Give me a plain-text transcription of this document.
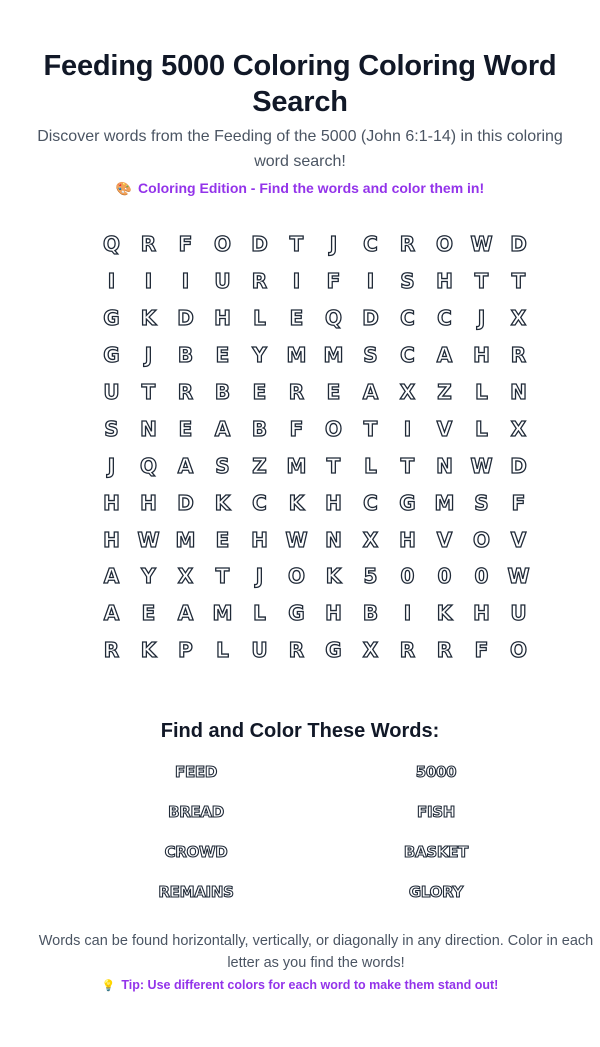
Feeding 5000 Coloring Coloring Word Search

Discover words from the Feeding of the 5000 (John 6:1-14) in this coloring word search!

🎨 Coloring Edition - Find the words and color them in!
Q	R	F	O	D	T	J	C	R	O W D
I	I	I	U	R	I	F	I	S	H	T	T
G	K	D	H	L	E	Q	D	C	C	J	X
G	J	B	E	Y M M S	C	A	H	R
U	T	R	B	E	R	E	A	X	Z	L	N
S	N	E	A	B	F	O	T	I	V	L	X
J	Q	A	S	Z M	T	L	T	N W D
H	H	D	K	C	K	H	C	G M S	F
H W M	E	H W N	X	H	V	O	V
A	Y	X	T	J	O	K	5	0	0	0 W
A	E	A M	L	G	H	B	I	K	H	U
R	K	P	L	U	R	G	X	R	R	F	O
Find and Color These Words:
FEED	5000
BREAD	FISH
CROWD	BASKET
REMAINS	GLORY

Words can be found horizontally, vertically, or diagonally in any direction. Color in each letter as you find the words!

💡 Tip: Use different colors for each word to make them stand out!
